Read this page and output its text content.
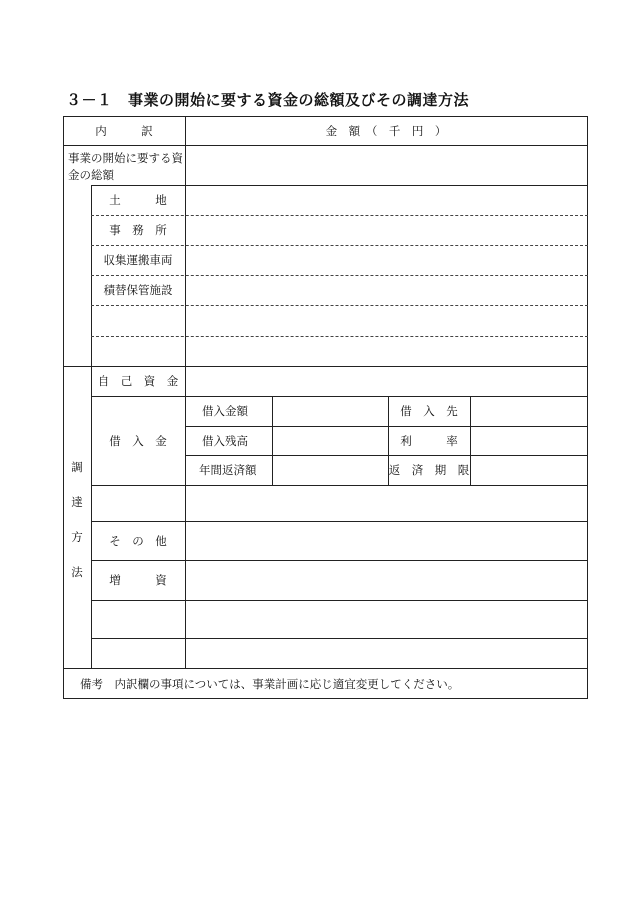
３－１　事業の開始に要する資金の総額及びその調達方法
内　　　訳	金　額　（　千　円　）
事業の開始に要する資金の総額
土　　　地
事　務　所
収集運搬車両
積替保管施設
調
達
方
法
自　己　資　金
借　入　金
借入金額
借入残高
年間返済額
借　入　先
利　　　率
返　済　期　限
そ　の　他
増　　　資
備考　内訳欄の事項については、事業計画に応じ適宜変更してください。
